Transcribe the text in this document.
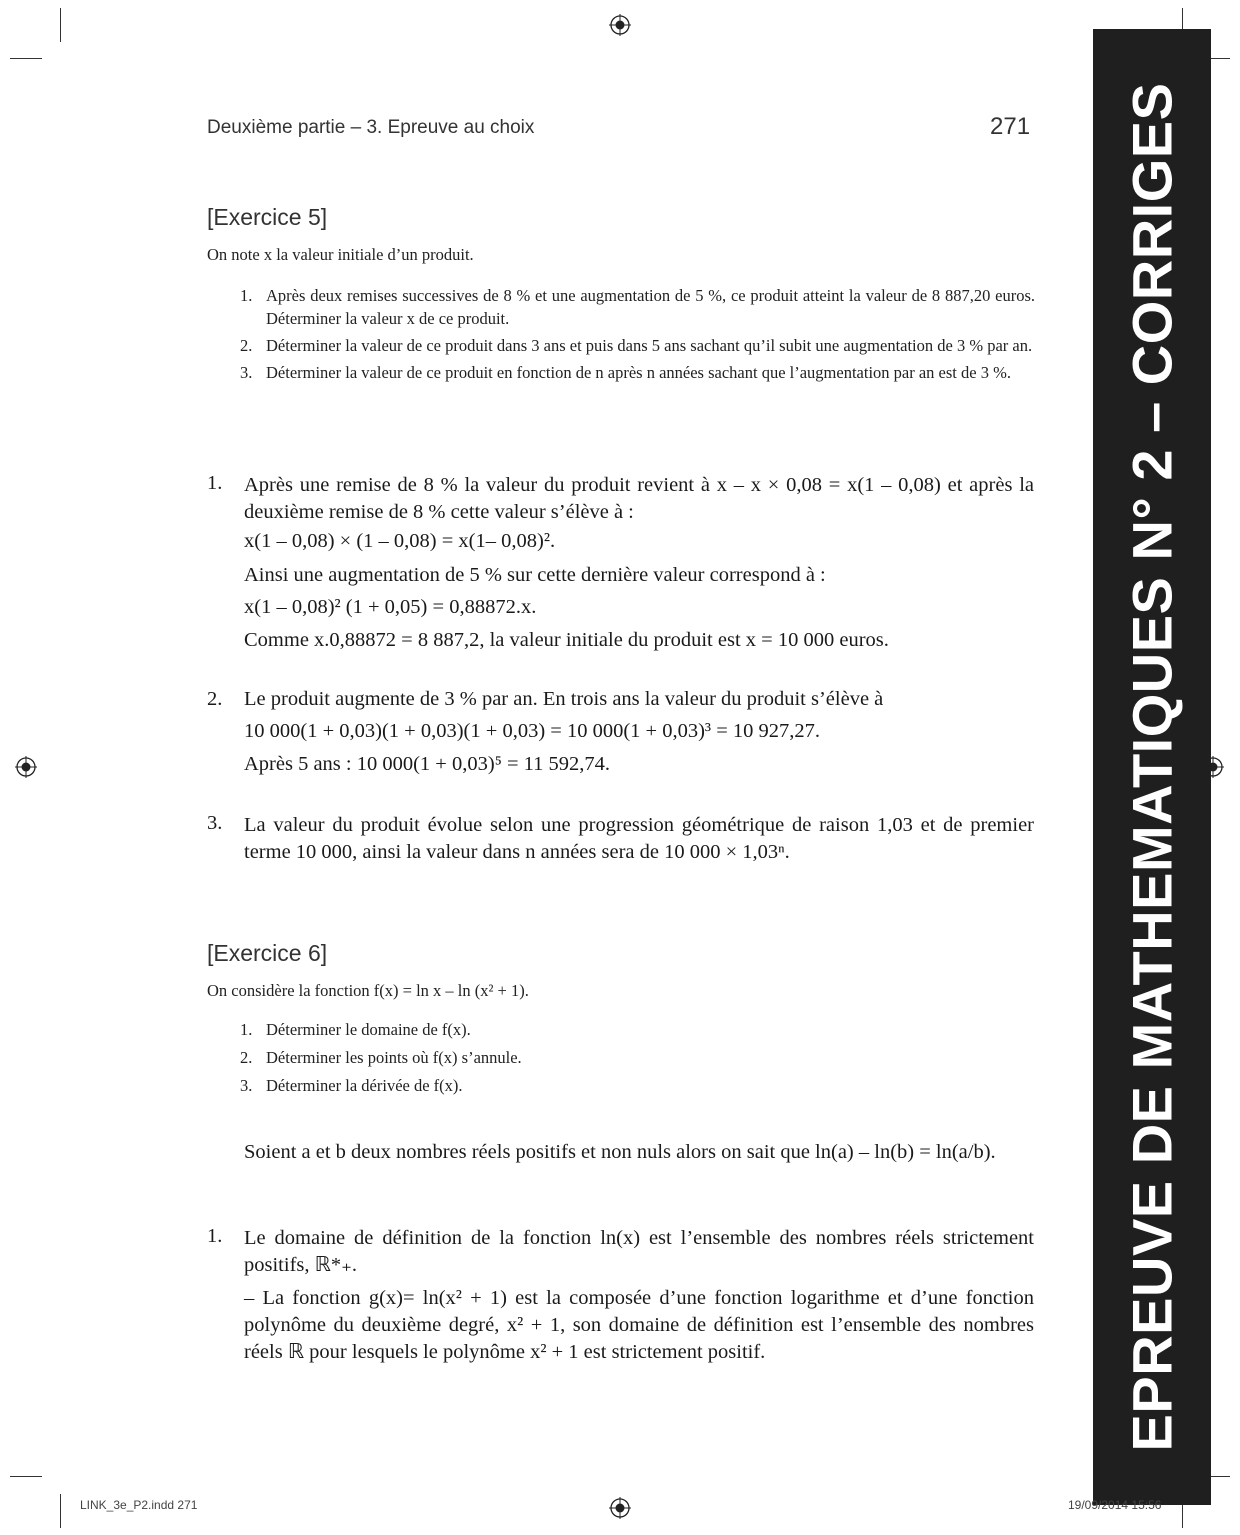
EPREUVE DE MATHEMATIQUES N° 2 – CORRIGES
Deuxième partie – 3. Epreuve au choix	271
[Exercice 5]
On note x la valeur initiale d’un produit.
1. Après deux remises successives de 8 % et une augmentation de 5 %, ce produit atteint la valeur de 8 887,20 euros. Déterminer la valeur x de ce produit.
2. Déterminer la valeur de ce produit dans 3 ans et puis dans 5 ans sachant qu’il subit une augmentation de 3 % par an.
3. Déterminer la valeur de ce produit en fonction de n après n années sachant que l’augmentation par an est de 3 %.
1. Après une remise de 8 % la valeur du produit revient à x – x × 0,08 = x(1 – 0,08) et après la deuxième remise de 8 % cette valeur s’élève à :
x(1 – 0,08) × (1 – 0,08) = x(1– 0,08)².
Ainsi une augmentation de 5 % sur cette dernière valeur correspond à :
x(1 – 0,08)² (1 + 0,05) = 0,88872.x.
Comme x.0,88872 = 8 887,2, la valeur initiale du produit est x = 10 000 euros.
2. Le produit augmente de 3 % par an. En trois ans la valeur du produit s’élève à
10 000(1 + 0,03)(1 + 0,03)(1 + 0,03) = 10 000(1 + 0,03)³ = 10 927,27.
Après 5 ans : 10 000(1 + 0,03)⁵ = 11 592,74.
3. La valeur du produit évolue selon une progression géométrique de raison 1,03 et de premier terme 10 000, ainsi la valeur dans n années sera de 10 000 × 1,03ⁿ.
[Exercice 6]
On considère la fonction f(x) = ln x – ln (x² + 1).
1. Déterminer le domaine de f(x).
2. Déterminer les points où f(x) s’annule.
3. Déterminer la dérivée de f(x).
Soient a et b deux nombres réels positifs et non nuls alors on sait que ln(a) – ln(b) = ln(a/b).
1. Le domaine de définition de la fonction ln(x) est l’ensemble des nombres réels strictement positifs, ℝ*₊.
– La fonction g(x)= ln(x² + 1) est la composée d’une fonction logarithme et d’une fonction polynôme du deuxième degré, x² + 1, son domaine de définition est l’ensemble des nombres réels ℝ pour lesquels le polynôme x² + 1 est strictement positif.
LINK_3e_P2.indd 271	19/09/2014 15:56
